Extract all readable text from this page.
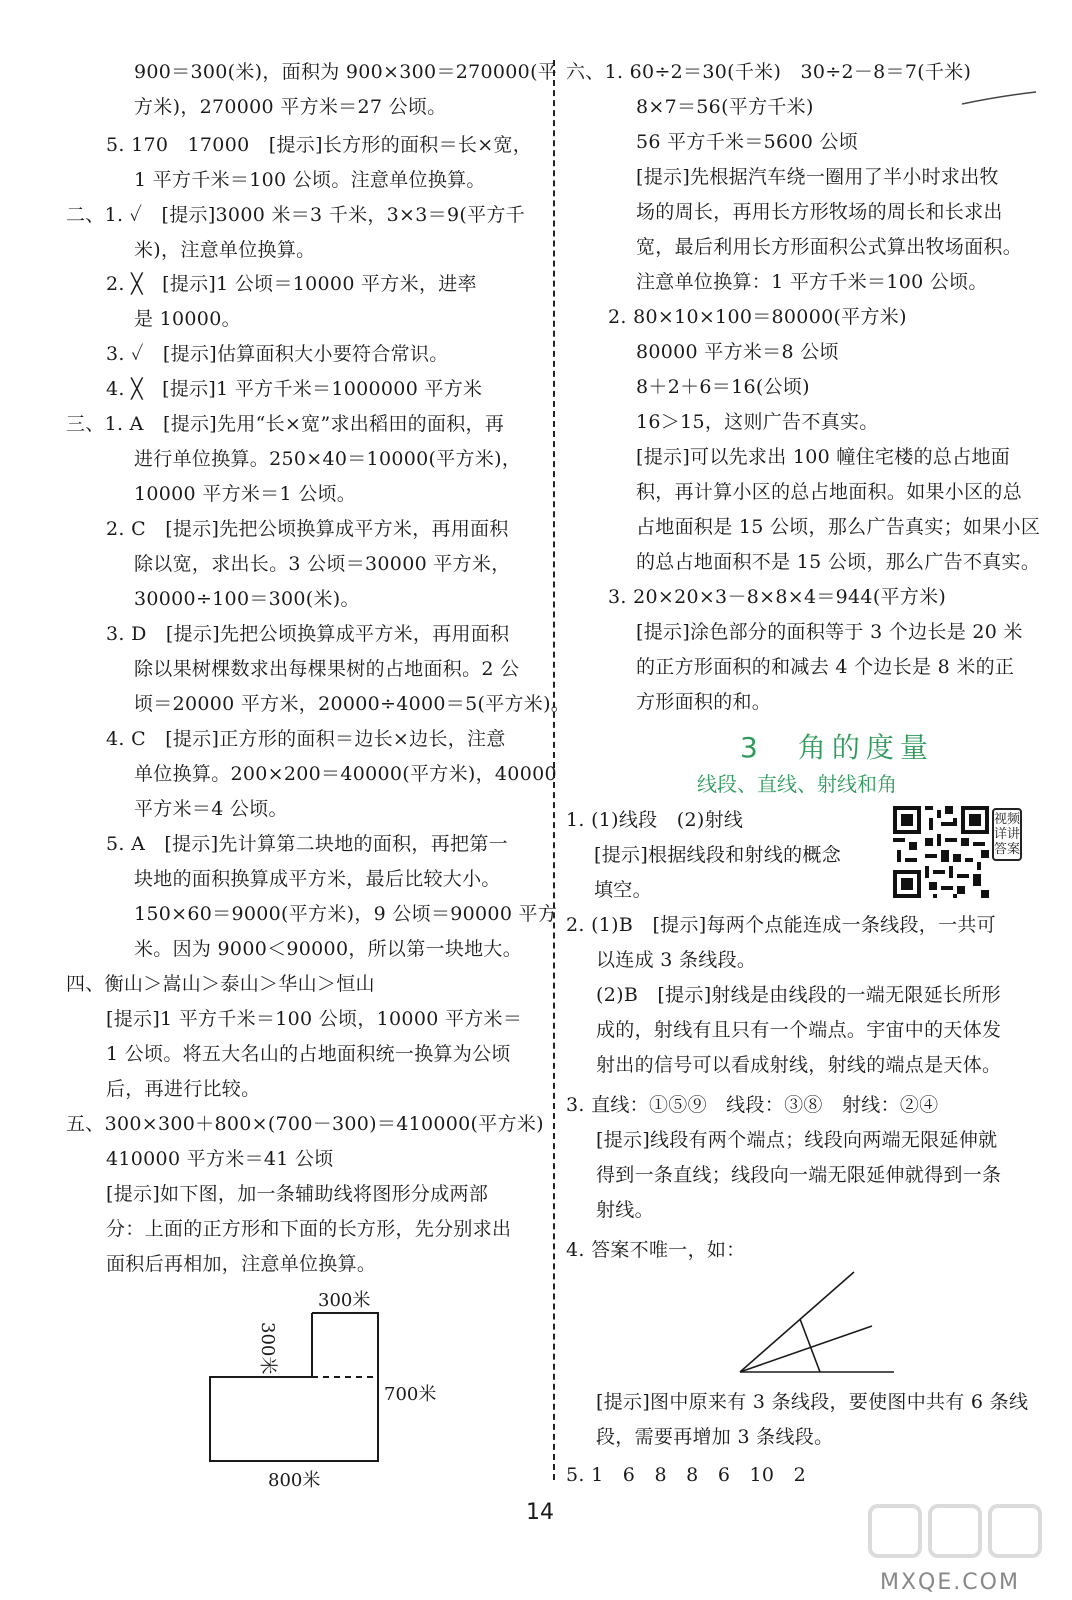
900＝300(米)，面积为 900×300＝270000(平
方米)，270000 平方米＝27 公顷。
5. 170　17000　[提示]长方形的面积＝长×宽，
1 平方千米＝100 公顷。注意单位换算。
二、1. ✓　[提示]3000 米＝3 千米，3×3＝9(平方千
米)，注意单位换算。
2. ╳　[提示]1 公顷＝10000 平方米，进率
是 10000。
3. ✓　[提示]估算面积大小要符合常识。
4. ╳　[提示]1 平方千米＝1000000 平方米
三、1. A　[提示]先用“长×宽”求出稻田的面积，再
进行单位换算。250×40＝10000(平方米)，
10000 平方米＝1 公顷。
2. C　[提示]先把公顷换算成平方米，再用面积
除以宽，求出长。3 公顷＝30000 平方米，
30000÷100＝300(米)。
3. D　[提示]先把公顷换算成平方米，再用面积
除以果树棵数求出每棵果树的占地面积。2 公
顷＝20000 平方米，20000÷4000＝5(平方米)。
4. C　[提示]正方形的面积＝边长×边长，注意
单位换算。200×200＝40000(平方米)，40000
平方米＝4 公顷。
5. A　[提示]先计算第二块地的面积，再把第一
块地的面积换算成平方米，最后比较大小。
150×60＝9000(平方米)，9 公顷＝90000 平方
米。因为 9000＜90000，所以第一块地大。
四、衡山＞嵩山＞泰山＞华山＞恒山
[提示]1 平方千米＝100 公顷，10000 平方米＝
1 公顷。将五大名山的占地面积统一换算为公顷
后，再进行比较。
五、300×300＋800×(700－300)＝410000(平方米)
410000 平方米＝41 公顷
[提示]如下图，加一条辅助线将图形分成两部
分：上面的正方形和下面的长方形，先分别求出
面积后再相加，注意单位换算。
300米
300米
700米
800米
六、1. 60÷2＝30(千米)　30÷2－8＝7(千米)
8×7＝56(平方千米)
56 平方千米＝5600 公顷
[提示]先根据汽车绕一圈用了半小时求出牧
场的周长，再用长方形牧场的周长和长求出
宽，最后利用长方形面积公式算出牧场面积。
注意单位换算：1 平方千米＝100 公顷。
2. 80×10×100＝80000(平方米)
80000 平方米＝8 公顷
8＋2＋6＝16(公顷)
16＞15，这则广告不真实。
[提示]可以先求出 100 幢住宅楼的总占地面
积，再计算小区的总占地面积。如果小区的总
占地面积是 15 公顷，那么广告真实；如果小区
的总占地面积不是 15 公顷，那么广告不真实。
3. 20×20×3－8×8×4＝944(平方米)
[提示]涂色部分的面积等于 3 个边长是 20 米
的正方形面积的和减去 4 个边长是 8 米的正
方形面积的和。
3　角的度量
线段、直线、射线和角
1. (1)线段　(2)射线
[提示]根据线段和射线的概念
填空。
视频详讲答案
2. (1)B　[提示]每两个点能连成一条线段，一共可
以连成 3 条线段。
(2)B　[提示]射线是由线段的一端无限延长所形
成的，射线有且只有一个端点。宇宙中的天体发
射出的信号可以看成射线，射线的端点是天体。
3. 直线：①⑤⑨　线段：③⑧　射线：②④
[提示]线段有两个端点；线段向两端无限延伸就
得到一条直线；线段向一端无限延伸就得到一条
射线。
4. 答案不唯一，如：
[提示]图中原来有 3 条线段，要使图中共有 6 条线
段，需要再增加 3 条线段。
5. 1　6　8　8　6　10　2
14
MXQE.COM
